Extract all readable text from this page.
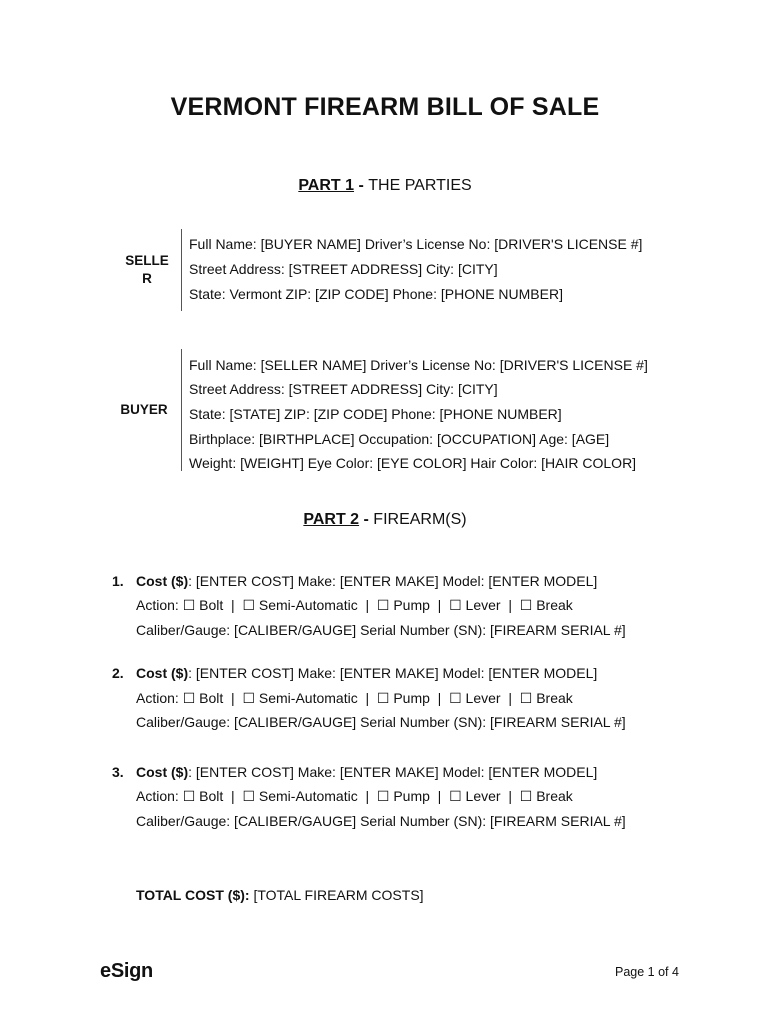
VERMONT FIREARM BILL OF SALE
PART 1 - THE PARTIES
SELLE
R
Full Name: [BUYER NAME] Driver’s License No: [DRIVER'S LICENSE #]
Street Address: [STREET ADDRESS] City: [CITY]
State: Vermont ZIP: [ZIP CODE] Phone: [PHONE NUMBER]
BUYER
Full Name: [SELLER NAME] Driver’s License No: [DRIVER'S LICENSE #]
Street Address: [STREET ADDRESS] City: [CITY]
State: [STATE] ZIP: [ZIP CODE] Phone: [PHONE NUMBER]
Birthplace: [BIRTHPLACE] Occupation: [OCCUPATION] Age: [AGE]
Weight: [WEIGHT] Eye Color: [EYE COLOR] Hair Color: [HAIR COLOR]
PART 2 - FIREARM(S)
1. Cost ($): [ENTER COST] Make: [ENTER MAKE] Model: [ENTER MODEL]
Action: ☐ Bolt  |  ☐ Semi-Automatic  |  ☐ Pump  |  ☐ Lever  |  ☐ Break
Caliber/Gauge: [CALIBER/GAUGE] Serial Number (SN): [FIREARM SERIAL #]
2. Cost ($): [ENTER COST] Make: [ENTER MAKE] Model: [ENTER MODEL]
Action: ☐ Bolt  |  ☐ Semi-Automatic  |  ☐ Pump  |  ☐ Lever  |  ☐ Break
Caliber/Gauge: [CALIBER/GAUGE] Serial Number (SN): [FIREARM SERIAL #]
3. Cost ($): [ENTER COST] Make: [ENTER MAKE] Model: [ENTER MODEL]
Action: ☐ Bolt  |  ☐ Semi-Automatic  |  ☐ Pump  |  ☐ Lever  |  ☐ Break
Caliber/Gauge: [CALIBER/GAUGE] Serial Number (SN): [FIREARM SERIAL #]
TOTAL COST ($): [TOTAL FIREARM COSTS]
eSign	Page 1 of 4
